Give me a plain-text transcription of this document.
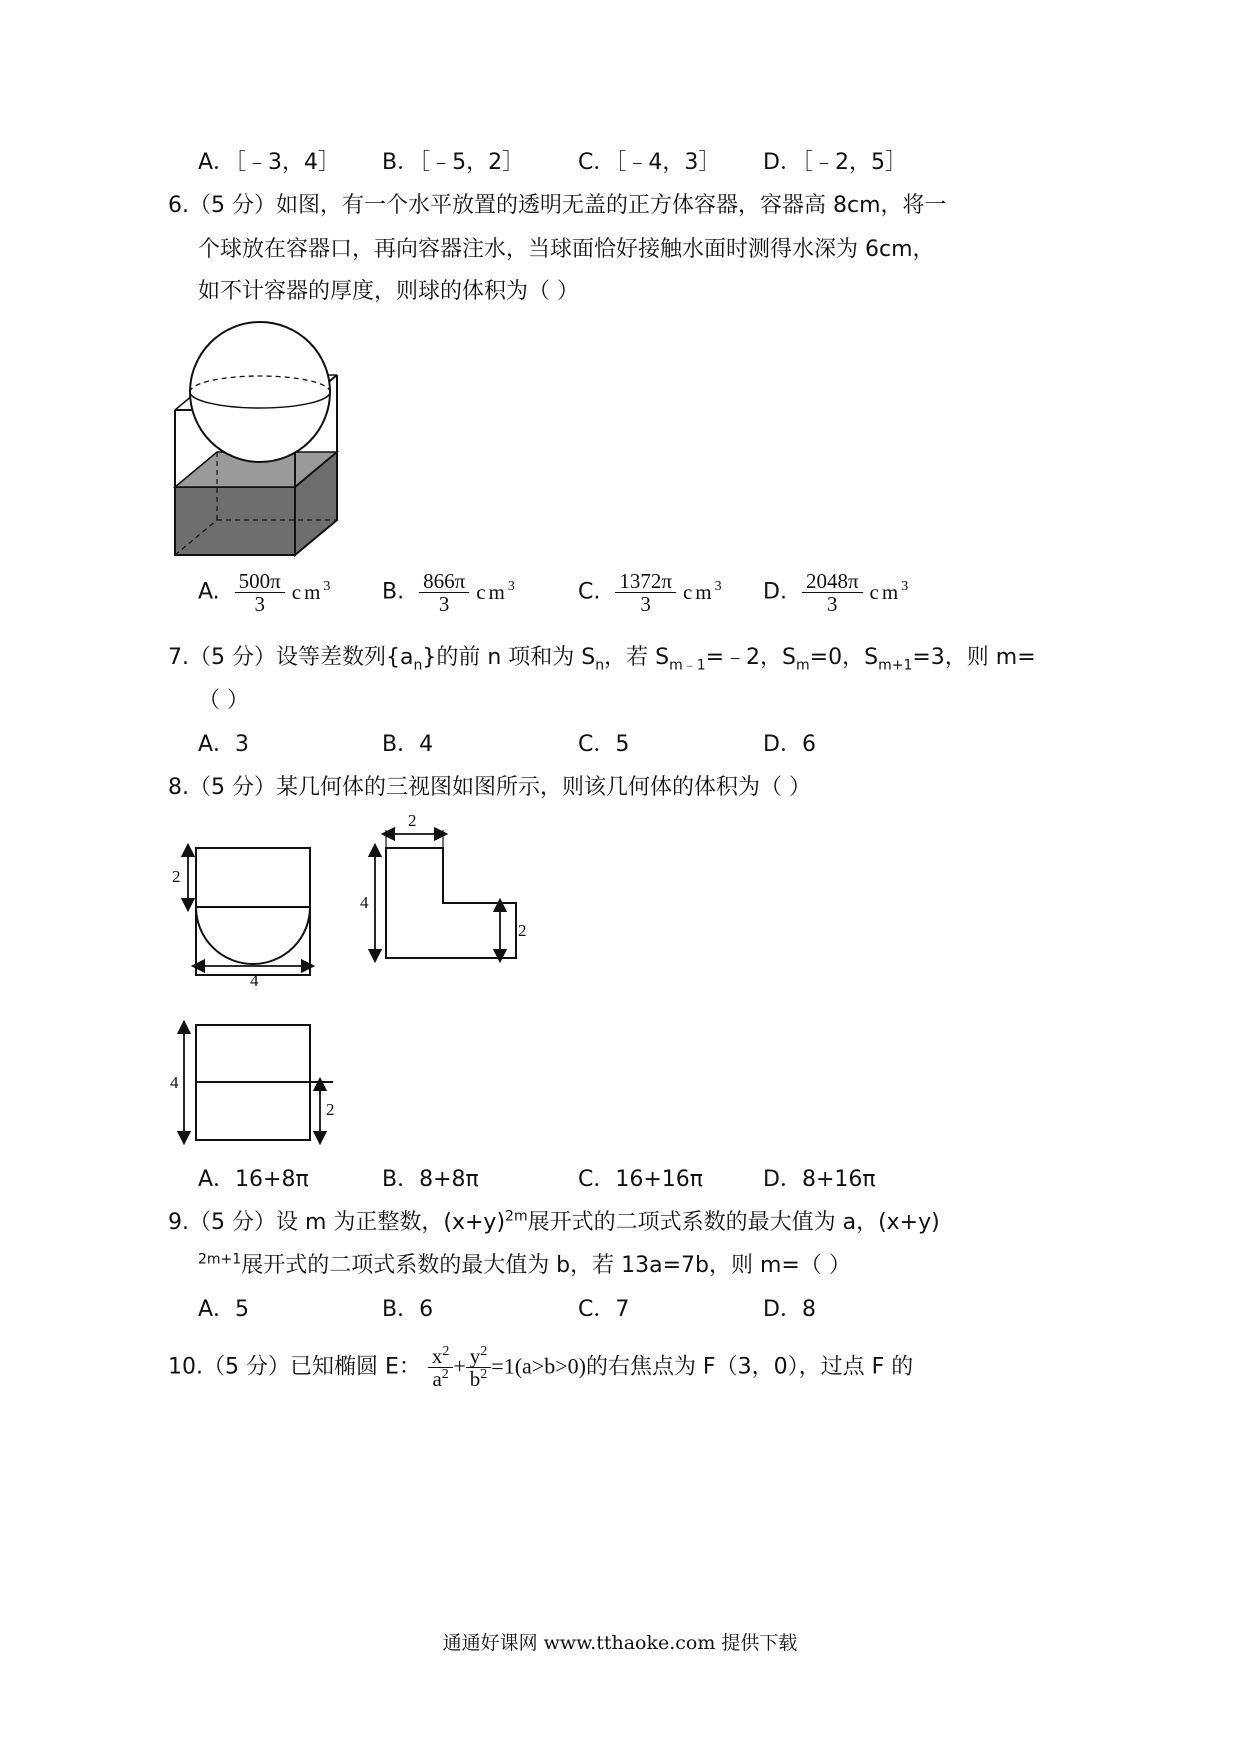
A．［﹣3，4］ B．［﹣5，2］ C．［﹣4，3］ D．［﹣2，5］
6.（5 分）如图，有一个水平放置的透明无盖的正方体容器，容器高 8cm，将一
个球放在容器口，再向容器注水，当球面恰好接触水面时测得水深为 6cm，
如不计容器的厚度，则球的体积为（ ）
A. $\frac{500\pi}{3} cm^3$ B. $\frac{866\pi}{3} cm^3$	C. $\frac{1372\pi}{3} cm^3$ D. $\frac{2048\pi}{3} cm^3$
7.（5 分）设等差数列$\{a_n\}$的前 n 项和为 $S_n$，若 $S_{m﹣1}=﹣2$，$S_m=0$，$S_{m+1}=3$，则 m=
（ ）
A．3	B．4	C．5	D．6
8.（5 分）某几何体的三视图如图所示，则该几何体的体积为（ ）
2
4
2
4
2
4
2
A．16+8π	B．8+8π	C．16+16π	D．8+16π
9.（5 分）设 m 为正整数，$(x+y)^{2m}$展开式的二项式系数的最大值为 a，(x+y)
$^{2m+1}$展开式的二项式系数的最大值为 b，若 13a=7b，则 m=（ ）
A．5	B．6	C．7	D．8
10.（5 分）已知椭圆 E： $\frac{x^2}{a^2} + \frac{y^2}{b^2} =1(a>b>0)$的右焦点为 F（3，0），过点 F 的
通通好课网 www.tthaoke.com 提供下载
